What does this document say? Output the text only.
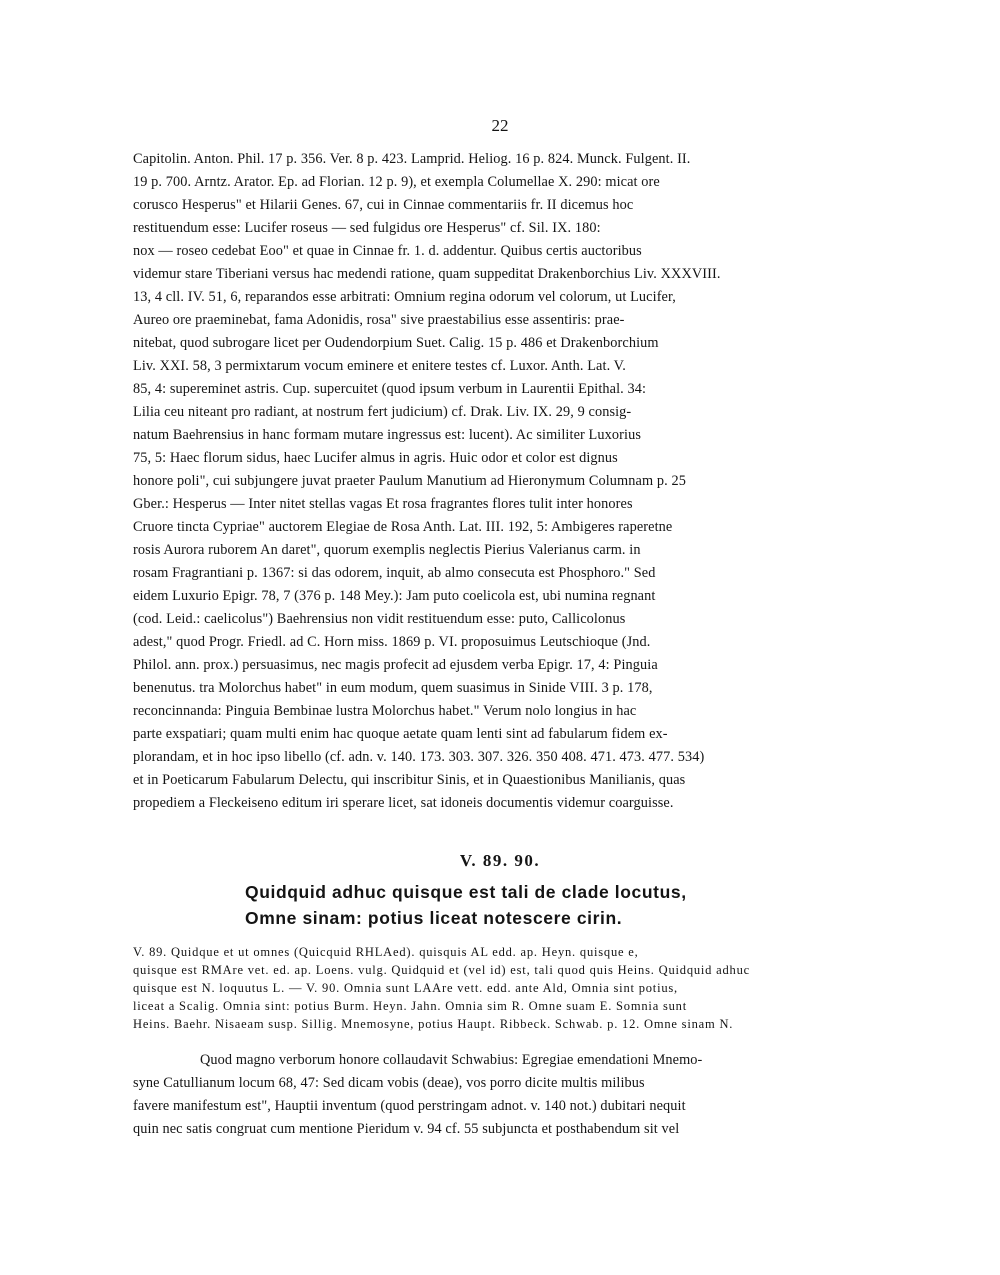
22
Capitolin. Anton. Phil. 17 p. 356. Ver. 8 p. 423. Lamprid. Heliog. 16 p. 824. Munck. Fulgent. II.
19 p. 700. Arntz. Arator. Ep. ad Florian. 12 p. 9), et exempla Columellae X. 290: micat ore
corusco Hesperus" et Hilarii Genes. 67, cui in Cinnae commentariis fr. II dicemus hoc
restituendum esse: Lucifer roseus — sed fulgidus ore Hesperus" cf. Sil. IX. 180:
nox — roseo cedebat Eoo" et quae in Cinnae fr. 1. d. addentur. Quibus certis auctoribus
videmur stare Tiberiani versus hac medendi ratione, quam suppeditat Drakenborchius Liv. XXXVIII.
13, 4 cll. IV. 51, 6, reparandos esse arbitrati: Omnium regina odorum vel colorum, ut Lucifer,
Aureo ore praeminebat, fama Adonidis, rosa" sive praestabilius esse assentiris: prae-
nitebat, quod subrogare licet per Oudendorpium Suet. Calig. 15 p. 486 et Drakenborchium
Liv. XXI. 58, 3 permixtarum vocum eminere et enitere testes cf. Luxor. Anth. Lat. V.
85, 4: supereminet astris. Cup. supercuitet (quod ipsum verbum in Laurentii Epithal. 34:
Lilia ceu niteant pro radiant, at nostrum fert judicium) cf. Drak. Liv. IX. 29, 9 consig-
natum Baehrensius in hanc formam mutare ingressus est: lucent). Ac similiter Luxorius
75, 5: Haec florum sidus, haec Lucifer almus in agris. Huic odor et color est dignus
honore poli", cui subjungere juvat praeter Paulum Manutium ad Hieronymum Columnam p. 25
Gber.: Hesperus — Inter nitet stellas vagas Et rosa fragrantes flores tulit inter honores
Cruore tincta Cypriae" auctorem Elegiae de Rosa Anth. Lat. III. 192, 5: Ambigeres raperetne
rosis Aurora ruborem An daret", quorum exemplis neglectis Pierius Valerianus carm. in
rosam Fragrantiani p. 1367: si das odorem, inquit, ab almo consecuta est Phosphoro." Sed
eidem Luxurio Epigr. 78, 7 (376 p. 148 Mey.): Jam puto coelicola est, ubi numina regnant
(cod. Leid.: caelicolus") Baehrensius non vidit restituendum esse: puto, Callicolonus
adest," quod Progr. Friedl. ad C. Horn miss. 1869 p. VI. proposuimus Leutschioque (Jnd.
Philol. ann. prox.) persuasimus, nec magis profecit ad ejusdem verba Epigr. 17, 4: Pinguia
benenutus. tra Molorchus habet" in eum modum, quem suasimus in Sinide VIII. 3 p. 178,
reconcinnanda: Pinguia Bembinae lustra Molorchus habet." Verum nolo longius in hac
parte exspatiari; quam multi enim hac quoque aetate quam lenti sint ad fabularum fidem ex-
plorandam, et in hoc ipso libello (cf. adn. v. 140. 173. 303. 307. 326. 350 408. 471. 473. 477. 534)
et in Poeticarum Fabularum Delectu, qui inscribitur Sinis, et in Quaestionibus Manilianis, quas
propediem a Fleckeiseno editum iri sperare licet, sat idoneis documentis videmur coarguisse.
V. 89. 90.
Quidquid adhuc quisque est tali de clade locutus,
Omne sinam: potius liceat notescere cirin.
V. 89. Quidque et ut omnes (Quicquid RHLAed). quisquis AL edd. ap. Heyn. quisque e,
quisque est RMAre vet. ed. ap. Loens. vulg. Quidquid et (vel id) est, tali quod quis Heins. Quidquid adhuc
quisque est N. loquutus L. — V. 90. Omnia sunt LAAre vett. edd. ante Ald, Omnia sint potius,
liceat a Scalig. Omnia sint: potius Burm. Heyn. Jahn. Omnia sim R. Omne suam E. Somnia sunt
Heins. Baehr. Nisaeam susp. Sillig. Mnemosyne, potius Haupt. Ribbeck. Schwab. p. 12. Omne sinam N.
Quod magno verborum honore collaudavit Schwabius: Egregiae emendationi Mnemo-
syne Catullianum locum 68, 47: Sed dicam vobis (deae), vos porro dicite multis milibus
favere manifestum est", Hauptii inventum (quod perstringam adnot. v. 140 not.) dubitari nequit
quin nec satis congruat cum mentione Pieridum v. 94 cf. 55 subjuncta et posthabendum sit vel
